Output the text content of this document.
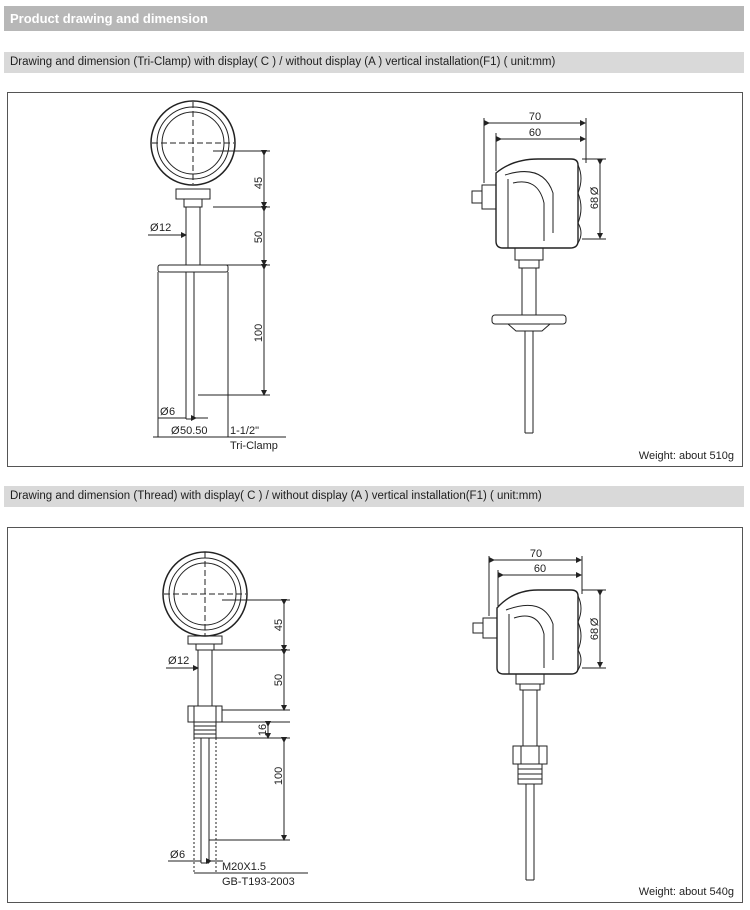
Product drawing and dimension
Drawing and dimension (Tri-Clamp) with display( C ) / without display (A ) vertical installation(F1) ( unit:mm)
45
50
100
Ø 12
Ø 6
Ø 50.50 1-1/2"
Tri-Clamp
70
60
Ø
68
Weight: about 510g
Drawing and dimension (Thread) with display( C ) / without display (A ) vertical installation(F1) ( unit:mm)
45
50
16
100
Ø 12
Ø 6
M20X1.5
GB-T193-2003
70
60
Ø
68
Weight: about 540g
